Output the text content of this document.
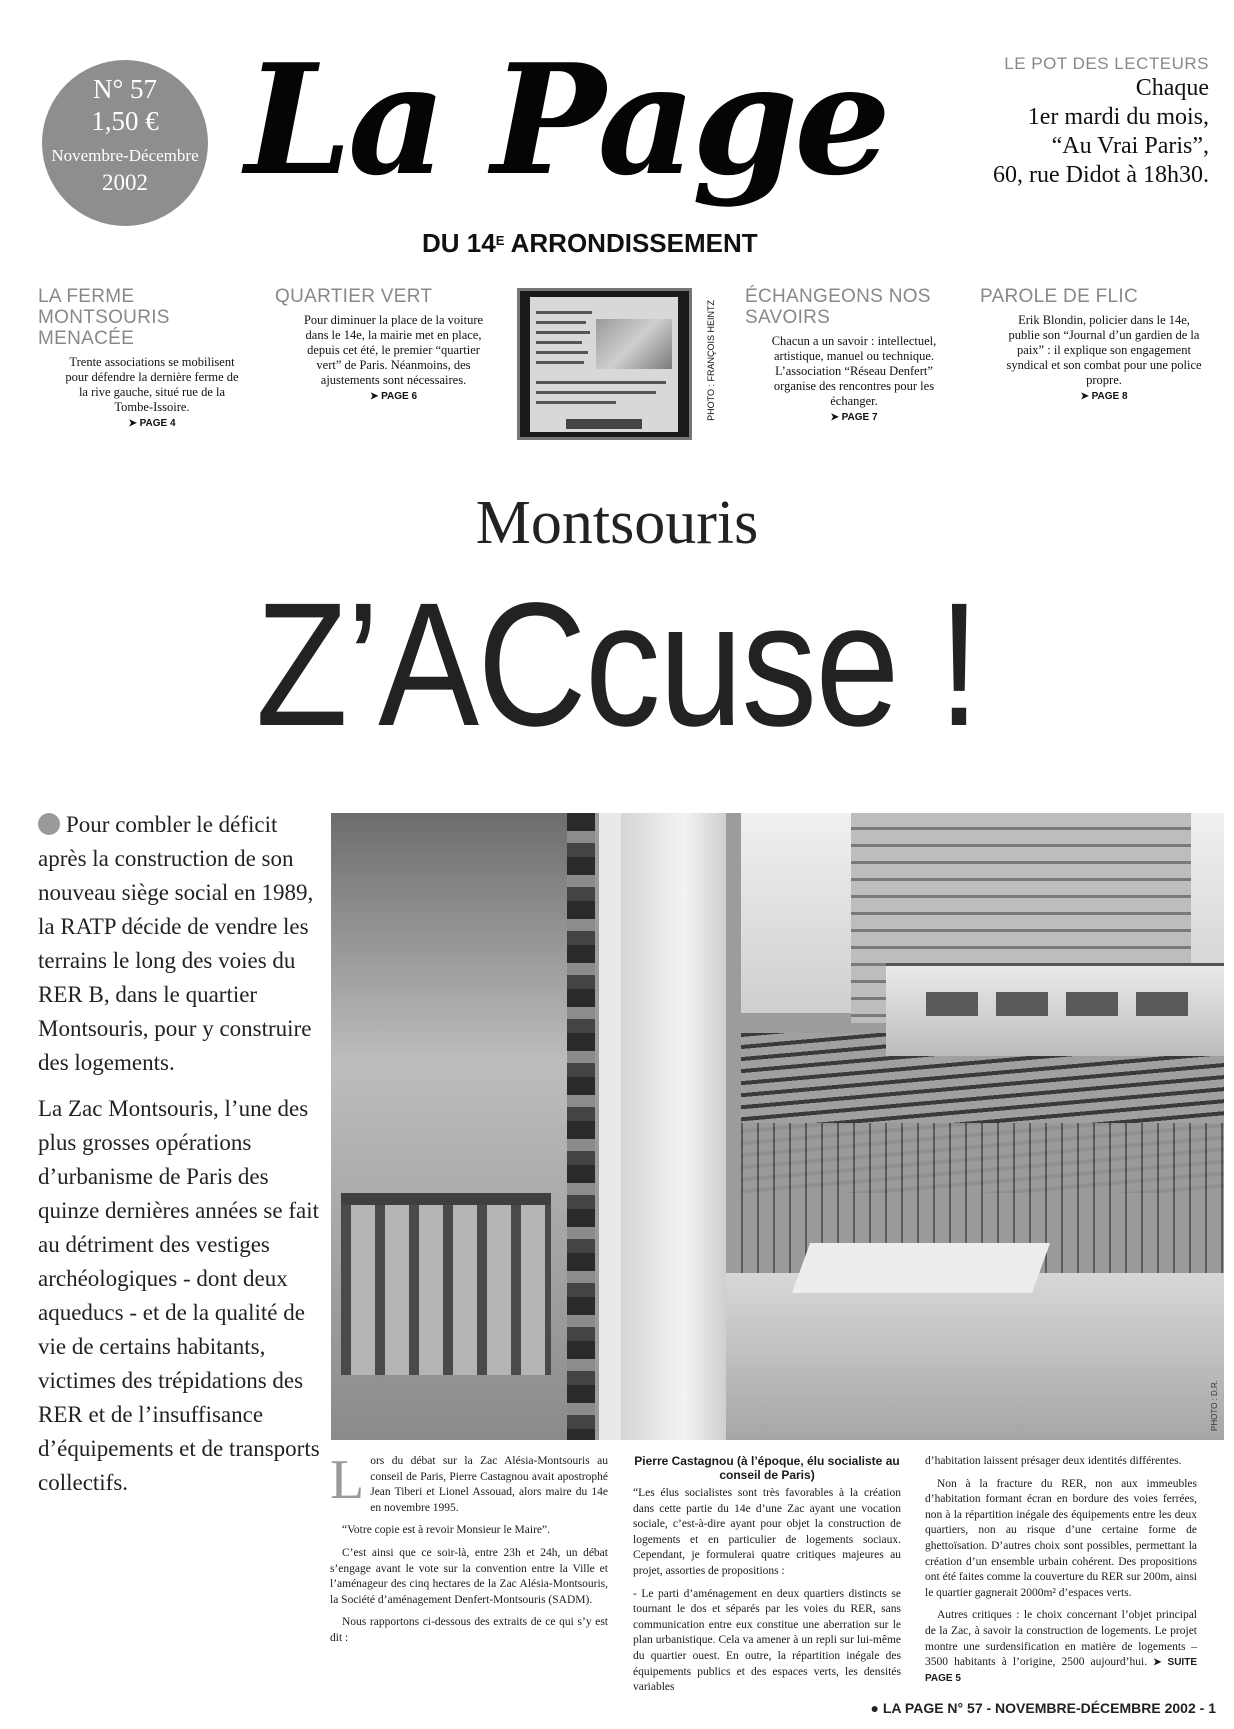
N° 57
1,50 €
Novembre-Décembre
2002 La Page
DU $14^E$ ARRONDISSEMENT
LE POT DES LECTEURS
Chaque
1er mardi du mois,
“Au Vrai Paris”,
60, rue Didot à 18h30.
LA FERME MONTSOURIS MENACÉE

Trente associations se mobilisent pour défendre la dernière ferme de la rive gauche, situé rue de la Tombe-Issoire.
➤ PAGE 4

QUARTIER VERT

Pour diminuer la place de la voiture dans le 14e, la mairie met en place, depuis cet été, le premier “quartier vert” de Paris. Néanmoins, des ajustements sont nécessaires.
➤ PAGE 6	PHOTO : FRANÇOIS HEINTZ
ÉCHANGEONS NOS SAVOIRS

Chacun a un savoir : intellectuel, artistique, manuel ou technique. L’association “Réseau Denfert” organise des rencontres pour les échanger.
➤ PAGE 7

PAROLE DE FLIC

Erik Blondin, policier dans le 14e, publie son “Journal d’un gardien de la paix” : il explique son engagement syndical et son combat pour une police propre.
➤ PAGE 8

Montsouris
Z’ACcuse !

Pour combler le déficit après la construction de son nouveau siège social en 1989, la RATP décide de vendre les terrains le long des voies du RER B, dans le quartier Montsouris, pour y construire des logements.

La Zac Montsouris, l’une des plus grosses opérations d’urbanisme de Paris des quinze dernières années se fait au détriment des vestiges archéologiques - dont deux aqueducs - et de la qualité de vie de certains habitants, victimes des trépidations des RER et de l’insuffisance d’équipements et de transports collectifs.

PHOTO : D.R.

Lors du débat sur la Zac Alésia-Montsouris au conseil de Paris, Pierre Castagnou avait apostrophé Jean Tiberi et Lionel Assouad, alors maire du 14e en novembre 1995.

“Votre copie est à revoir Monsieur le Maire”.

C’est ainsi que ce soir-là, entre 23h et 24h, un débat s’engage avant le vote sur la convention entre la Ville et l’aménageur des cinq hectares de la Zac Alésia-Montsouris, la Société d’aménagement Denfert-Montsouris (SADM).

Nous rapportons ci-dessous des extraits de ce qui s’y est dit :

Pierre Castagnou (à l’époque, élu socialiste au conseil de Paris)

“Les élus socialistes sont très favorables à la création dans cette partie du 14e d’une Zac ayant une vocation sociale, c’est-à-dire ayant pour objet la construction de logements et en particulier de logements sociaux. Cependant, je formulerai quatre critiques majeures au projet, assorties de propositions :

- Le parti d’aménagement en deux quartiers distincts se tournant le dos et séparés par les voies du RER, sans communication entre eux constitue une aberration sur le plan urbanistique. Cela va amener à un repli sur lui-même du quartier ouest. En outre, la répartition inégale des équipements publics et des espaces verts, les densités variables

d’habitation laissent présager deux identités différentes.

Non à la fracture du RER, non aux immeubles d’habitation formant écran en bordure des voies ferrées, non à la répartition inégale des équipements entre les deux quartiers, non au risque d’une certaine forme de ghettoïsation. D’autres choix sont possibles, permettant la création d’un ensemble urbain cohérent. Des propositions ont été faites comme la couverture du RER sur 200m, ainsi le quartier gagnerait 2000m² d’espaces verts.

Autres critiques : le choix concernant l’objet principal de la Zac, à savoir la construction de logements. Le projet montre une surdensification en matière de logements – 3500 habitants à l’origine, 2500 aujourd’hui. ➤ SUITE PAGE 5

● LA PAGE N° 57 - NOVEMBRE-DÉCEMBRE 2002 - 1
